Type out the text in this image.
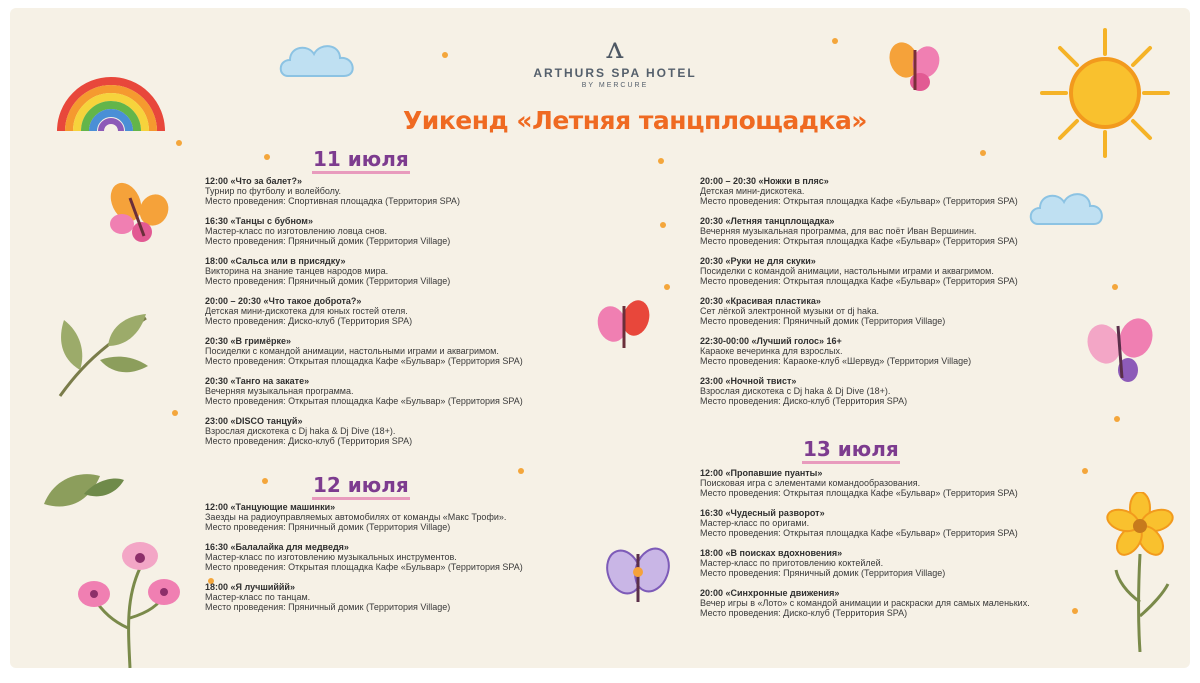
ᴧ
ARTHURS SPA HOTEL
BY MERCURE
Уикенд «Летняя танцплощадка»
11 июля
12 июля
13 июля
12:00 «Что за балет?»
Турнир по футболу и волейболу.
Место проведения: Спортивная площадка (Территория SPA)
16:30 «Танцы с бубном»
Мастер-класс по изготовлению ловца снов.
Место проведения: Пряничный домик (Территория Village)
18:00 «Сальса или в присядку»
Викторина на знание танцев народов мира.
Место проведения: Пряничный домик (Территория Village)
20:00 – 20:30 «Что такое доброта?»
Детская мини-дискотека для юных гостей отеля.
Место проведения: Диско-клуб (Территория SPA)
20:30 «В гримёрке»
Посиделки с командой анимации, настольными играми и аквагримом.
Место проведения: Открытая площадка Кафе «Бульвар» (Территория SPA)
20:30 «Танго на закате»
Вечерняя музыкальная программа.
Место проведения: Открытая площадка Кафе «Бульвар» (Территория SPA)
23:00 «DISCO танцуй»
Взрослая дискотека с Dj haka & Dj Dive (18+).
Место проведения: Диско-клуб (Территория SPA)
12:00 «Танцующие машинки»
Заезды на радиоуправляемых автомобилях от команды «Макс Трофи».
Место проведения: Пряничный домик (Территория Village)
16:30 «Балалайка для медведя»
Мастер-класс по изготовлению музыкальных инструментов.
Место проведения: Открытая площадка Кафе «Бульвар» (Территория SPA)
18:00 «Я лучшиййй»
Мастер-класс по танцам.
Место проведения: Пряничный домик (Территория Village)
20:00 – 20:30 «Ножки в пляс»
Детская мини-дискотека.
Место проведения: Открытая площадка Кафе «Бульвар» (Территория SPA)
20:30 «Летняя танцплощадка»
Вечерняя музыкальная программа, для вас поёт Иван Вершинин.
Место проведения: Открытая площадка Кафе «Бульвар» (Территория SPA)
20:30 «Руки не для скуки»
Посиделки с командой анимации, настольными играми и аквагримом.
Место проведения: Открытая площадка Кафе «Бульвар» (Территория SPA)
20:30 «Красивая пластика»
Сет лёгкой электронной музыки от dj haka.
Место проведения: Пряничный домик (Территория Village)
22:30-00:00 «Лучший голос» 16+
Караоке вечеринка для взрослых.
Место проведения: Караоке-клуб «Шервуд» (Территория Village)
23:00 «Ночной твист»
Взрослая дискотека с Dj haka & Dj Dive (18+).
Место проведения: Диско-клуб (Территория SPA)
12:00 «Пропавшие пуанты»
Поисковая игра с элементами командообразования.
Место проведения: Открытая площадка Кафе «Бульвар» (Территория SPA)
16:30 «Чудесный разворот»
Мастер-класс по оригами.
Место проведения: Открытая площадка Кафе «Бульвар» (Территория SPA)
18:00 «В поисках вдохновения»
Мастер-класс по приготовлению коктейлей.
Место проведения: Пряничный домик (Территория Village)
20:00 «Синхронные движения»
Вечер игры в «Лото» с командой анимации и раскраски для самых маленьких.
Место проведения: Диско-клуб (Территория SPA)
